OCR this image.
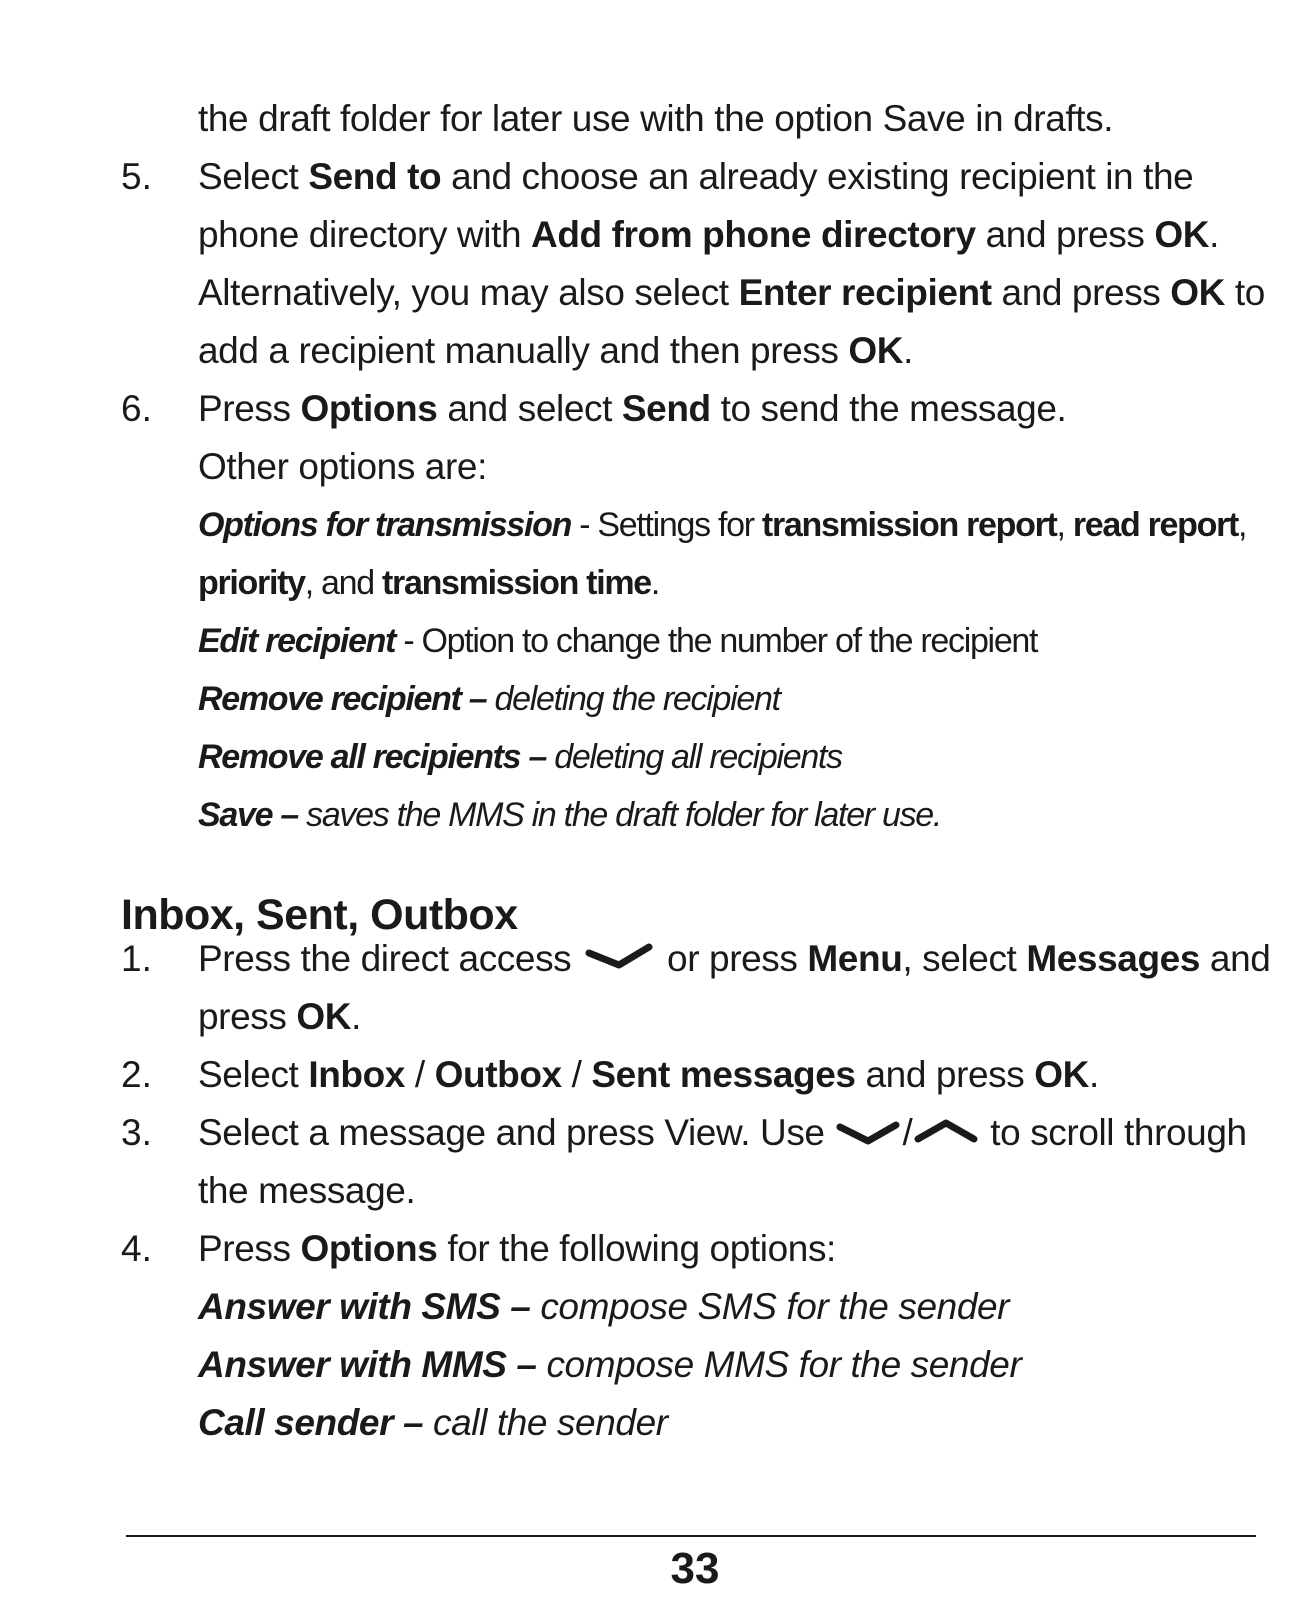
the draft folder for later use with the option Save in drafts.
5. Select Send to and choose an already existing recipient in the
phone directory with Add from phone directory and press OK.
Alternatively, you may also select Enter recipient and press OK to
add a recipient manually and then press OK.
6. Press Options and select Send to send the message.
Other options are:
Options for transmission - Settings for transmission report, read report,
priority, and transmission time.
Edit recipient - Option to change the number of the recipient
Remove recipient – deleting the recipient
Remove all recipients – deleting all recipients
Save – saves the MMS in the draft folder for later use.
Inbox, Sent, Outbox
1. Press the direct access  or press Menu, select Messages and
press OK.
2. Select Inbox / Outbox / Sent messages and press OK.
3. Select a message and press View. Use / to scroll through
the message.
4. Press Options for the following options:
Answer with SMS – compose SMS for the sender
Answer with MMS – compose MMS for the sender
Call sender – call the sender
33
